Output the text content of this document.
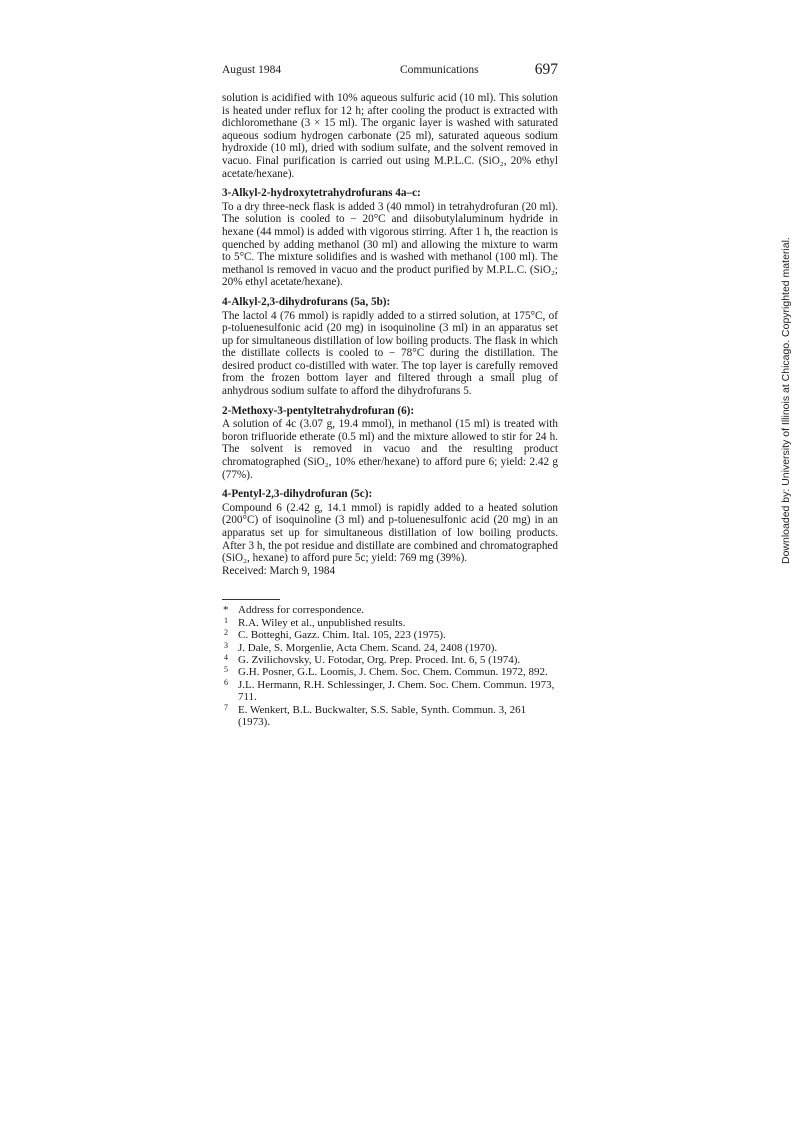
August 1984	Communications	697

solution is acidified with 10% aqueous sulfuric acid (10 ml). This solution is heated under reflux for 12 h; after cooling the product is extracted with dichloromethane (3 × 15 ml). The organic layer is washed with saturated aqueous sodium hydrogen carbonate (25 ml), saturated aqueous sodium hydroxide (10 ml), dried with sodium sulfate, and the solvent removed in vacuo. Final purification is carried out using M.P.L.C. (SiO₂, 20% ethyl acetate/hexane).

3-Alkyl-2-hydroxytetrahydrofurans 4a–c:

To a dry three-neck flask is added 3 (40 mmol) in tetrahydrofuran (20 ml). The solution is cooled to − 20°C and diisobutylaluminum hydride in hexane (44 mmol) is added with vigorous stirring. After 1 h, the reaction is quenched by adding methanol (30 ml) and allowing the mixture to warm to 5°C. The mixture solidifies and is washed with methanol (100 ml). The methanol is removed in vacuo and the product purified by M.P.L.C. (SiO₂; 20% ethyl acetate/hexane).

4-Alkyl-2,3-dihydrofurans (5a, 5b):

The lactol 4 (76 mmol) is rapidly added to a stirred solution, at 175°C, of p-toluenesulfonic acid (20 mg) in isoquinoline (3 ml) in an apparatus set up for simultaneous distillation of low boiling products. The flask in which the distillate collects is cooled to − 78°C during the distillation. The desired product co-distilled with water. The top layer is carefully removed from the frozen bottom layer and filtered through a small plug of anhydrous sodium sulfate to afford the dihydrofurans 5.

2-Methoxy-3-pentyltetrahydrofuran (6):

A solution of 4c (3.07 g, 19.4 mmol), in methanol (15 ml) is treated with boron trifluoride etherate (0.5 ml) and the mixture allowed to stir for 24 h. The solvent is removed in vacuo and the resulting product chromatographed (SiO₂, 10% ether/hexane) to afford pure 6; yield: 2.42 g (77%).

4-Pentyl-2,3-dihydrofuran (5c):

Compound 6 (2.42 g, 14.1 mmol) is rapidly added to a heated solution (200°C) of isoquinoline (3 ml) and p-toluenesulfonic acid (20 mg) in an apparatus set up for simultaneous distillation of low boiling products. After 3 h, the pot residue and distillate are combined and chromatographed (SiO₂, hexane) to afford pure 5c; yield: 769 mg (39%).

Received: March 9, 1984

* Address for correspondence.
1 R.A. Wiley et al., unpublished results.
2 C. Botteghi, Gazz. Chim. Ital. 105, 223 (1975).
3 J. Dale, S. Morgenlie, Acta Chem. Scand. 24, 2408 (1970).
4 G. Zvilichovsky, U. Fotodar, Org. Prep. Proced. Int. 6, 5 (1974).
5 G.H. Posner, G.L. Loomis, J. Chem. Soc. Chem. Commun. 1972, 892.
6 J.L. Hermann, R.H. Schlessinger, J. Chem. Soc. Chem. Commun. 1973, 711.
7 E. Wenkert, B.L. Buckwalter, S.S. Sable, Synth. Commun. 3, 261 (1973).
Downloaded by: University of Illinois at Chicago. Copyrighted material.
